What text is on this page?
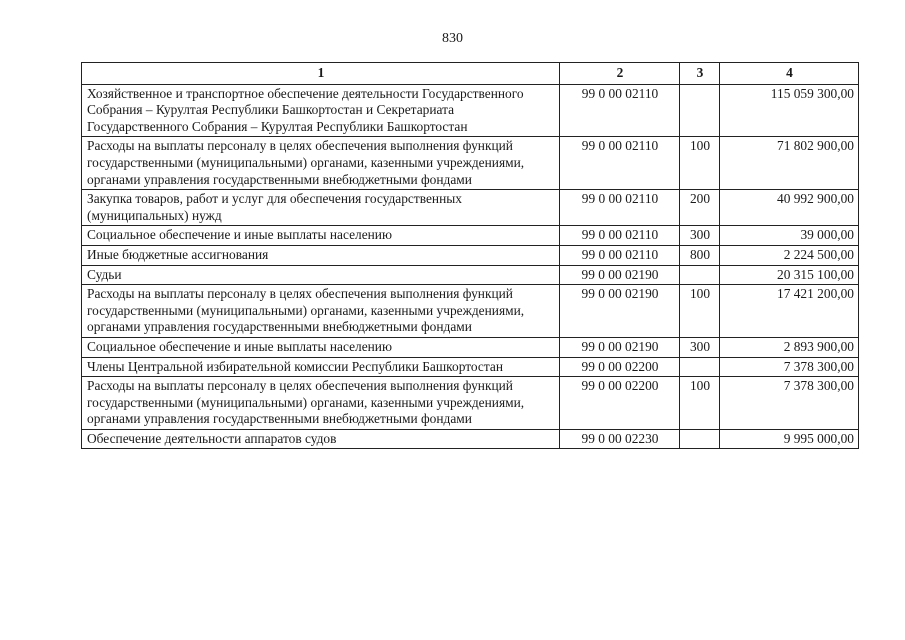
830
1	2	3	4
Хозяйственное и транспортное обеспечение деятельности Государственного Собрания – Курултая Республики Башкортостан и Секретариата Государственного Собрания – Курултая Республики Башкортостан	99 0 00 02110		115 059 300,00
Расходы на выплаты персоналу в целях обеспечения выполнения функций государственными (муниципальными) органами, казенными учреждениями, органами управления государственными внебюджетными фондами	99 0 00 02110	100	71 802 900,00
Закупка товаров, работ и услуг для обеспечения государственных (муниципальных) нужд	99 0 00 02110	200	40 992 900,00
Социальное обеспечение и иные выплаты населению	99 0 00 02110	300	39 000,00
Иные бюджетные ассигнования	99 0 00 02110	800	2 224 500,00
Судьи	99 0 00 02190		20 315 100,00
Расходы на выплаты персоналу в целях обеспечения выполнения функций государственными (муниципальными) органами, казенными учреждениями, органами управления государственными внебюджетными фондами	99 0 00 02190	100	17 421 200,00
Социальное обеспечение и иные выплаты населению	99 0 00 02190	300	2 893 900,00
Члены Центральной избирательной комиссии Республики Башкортостан	99 0 00 02200		7 378 300,00
Расходы на выплаты персоналу в целях обеспечения выполнения функций государственными (муниципальными) органами, казенными учреждениями, органами управления государственными внебюджетными фондами	99 0 00 02200	100	7 378 300,00
Обеспечение деятельности аппаратов судов	99 0 00 02230		9 995 000,00
